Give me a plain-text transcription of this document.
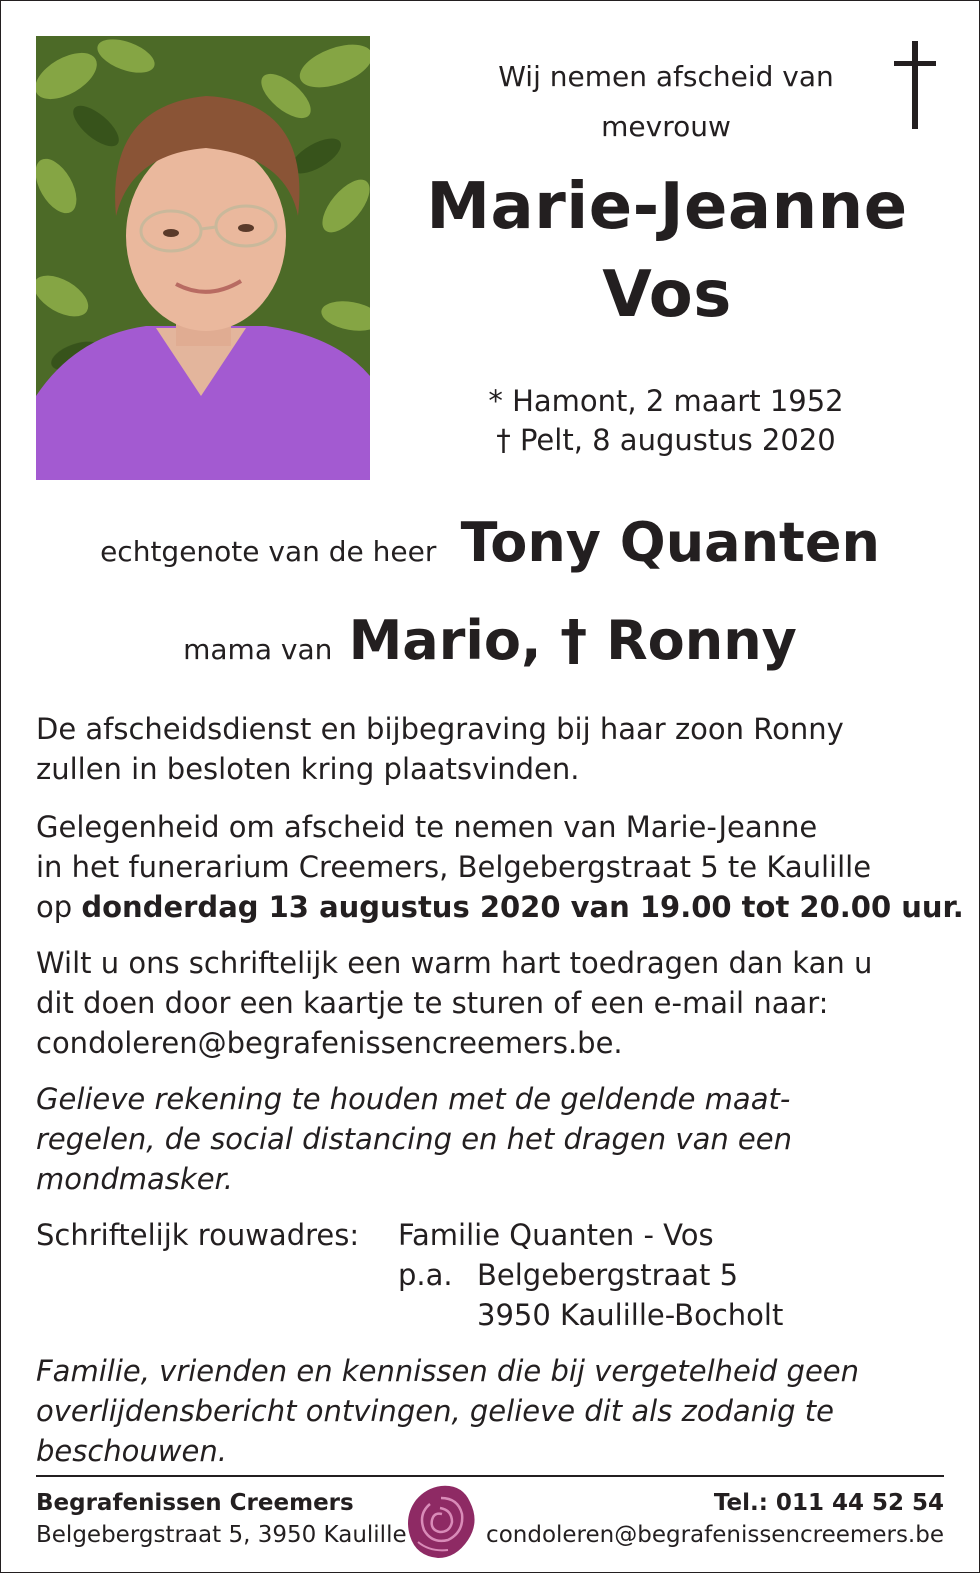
Wij nemen afscheid van
mevrouw
Marie-Jeanne
Vos
* Hamont, 2 maart 1952
† Pelt, 8 augustus 2020
echtgenote van de heer Tony Quanten
mama van Mario, † Ronny
De afscheidsdienst en bijbegraving bij haar zoon Ronny
zullen in besloten kring plaatsvinden.
Gelegenheid om afscheid te nemen van Marie-Jeanne
in het funerarium Creemers, Belgebergstraat 5 te Kaulille
op donderdag 13 augustus 2020 van 19.00 tot 20.00 uur.
Wilt u ons schriftelijk een warm hart toedragen dan kan u
dit doen door een kaartje te sturen of een e-mail naar:
condoleren@begrafenissencreemers.be.
Gelieve rekening te houden met de geldende maat-
regelen, de social distancing en het dragen van een
mondmasker.
Schriftelijk rouwadres: Familie Quanten - Vos
p.a. Belgebergstraat 5
3950 Kaulille-Bocholt
Familie, vrienden en kennissen die bij vergetelheid geen
overlijdensbericht ontvingen, gelieve dit als zodanig te
beschouwen.
Begrafenissen Creemers
Belgebergstraat 5, 3950 Kaulille
Tel.: 011 44 52 54
condoleren@begrafenissencreemers.be
